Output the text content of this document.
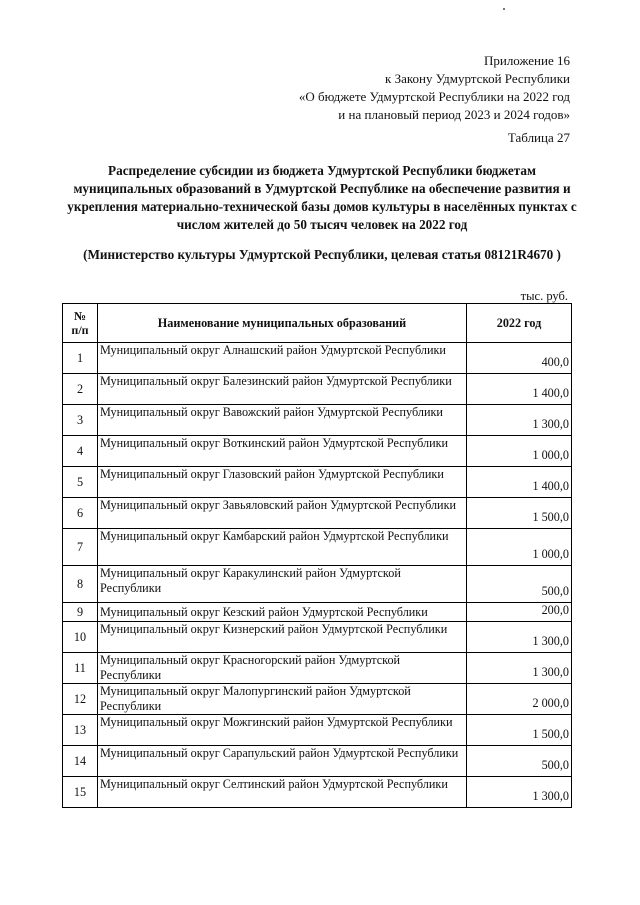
Приложение 16
к Закону Удмуртской Республики
«О бюджете Удмуртской Республики на 2022 год
и на плановый период 2023 и 2024 годов»
Таблица 27
Распределение субсидии из бюджета Удмуртской Республики бюджетам
муниципальных образований в Удмуртской Республике на обеспечение развития и
укрепления материально-технической базы домов культуры в населённых пунктах с
числом жителей до 50 тысяч человек на 2022 год
(Министерство культуры Удмуртской Республики, целевая статья 08121R4670 )
тыс. руб.
№
п/п	Наименование муниципальных образований	2022 год
1	Муниципальный округ Алнашский район Удмуртской Республики	400,0
2	Муниципальный округ Балезинский район Удмуртской Республики	1 400,0
3	Муниципальный округ Вавожский район Удмуртской Республики	1 300,0
4	Муниципальный округ Воткинский район Удмуртской Республики	1 000,0
5	Муниципальный округ Глазовский район Удмуртской Республики	1 400,0
6	Муниципальный округ Завьяловский район Удмуртской Республики	1 500,0
7	Муниципальный округ Камбарский район Удмуртской Республики	1 000,0
8	Муниципальный округ Каракулинский район Удмуртской Республики	500,0
9	Муниципальный округ Кезский район Удмуртской Республики	200,0
10	Муниципальный округ Кизнерский район Удмуртской Республики	1 300,0
11	Муниципальный округ Красногорский район Удмуртской Республики	1 300,0
12	Муниципальный округ Малопургинский район Удмуртской Республики	2 000,0
13	Муниципальный округ Можгинский район Удмуртской Республики	1 500,0
14	Муниципальный округ Сарапульский район Удмуртской Республики	500,0
15	Муниципальный округ Селтинский район Удмуртской Республики	1 300,0
